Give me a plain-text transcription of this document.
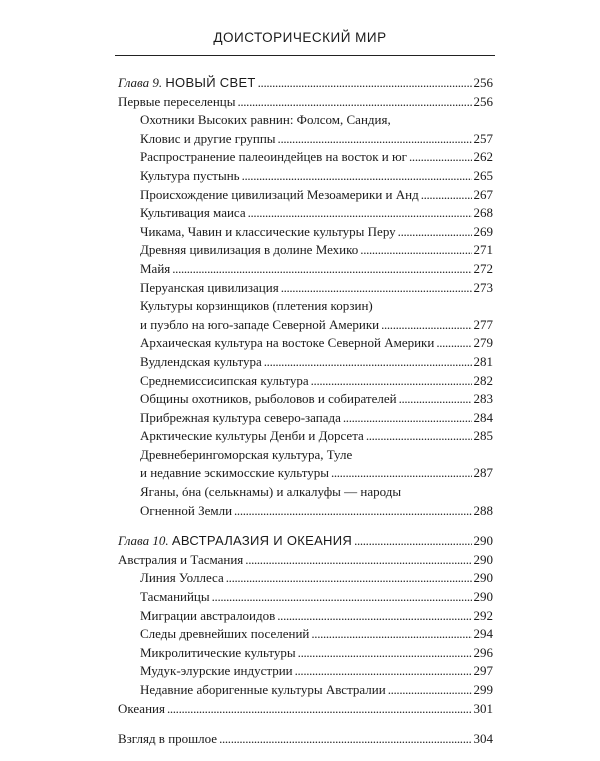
ДОИСТОРИЧЕСКИЙ МИР
Глава 9. НОВЫЙ СВЕТ . . .	256
Первые переселенцы . . .	256
Охотники Высоких равнин: Фолсом, Сандия,
Кловис и другие группы . . .	257
Распространение палеоиндейцев на восток и юг . . .	262
Культура пустынь . . .	265
Происхождение цивилизаций Мезоамерики и Анд . . .	267
Культивация маиса . . .	268
Чикама, Чавин и классические культуры Перу . . .	269
Древняя цивилизация в долине Мехико . . .	271
Майя . . .	272
Перуанская цивилизация . . .	273
Культуры корзинщиков (плетения корзин)
и пуэбло на юго-западе Северной Америки . . .	277
Архаическая культура на востоке Северной Америки . . .	279
Вудлендская культура . . .	281
Среднемиссисипская культура . . .	282
Общины охотников, рыболовов и собирателей . . .	283
Прибрежная культура северо-запада . . .	284
Арктические культуры Денби и Дорсета . . .	285
Древнеберингоморская культура, Туле
и недавние эскимосские культуры . . .	287
Яганы, óна (селькнамы) и алкалуфы — народы
Огненной Земли . . .	288
Глава 10. АВСТРАЛАЗИЯ И ОКЕАНИЯ . . .	290
Австралия и Тасмания . . .	290
Линия Уоллеса . . .	290
Тасманийцы . . .	290
Миграции австралоидов . . .	292
Следы древнейших поселений . . .	294
Микролитические культуры . . .	296
Мудук-элурские индустрии . . .	297
Недавние аборигенные культуры Австралии . . .	299
Океания . . .	301
Взгляд в прошлое . . .	304
